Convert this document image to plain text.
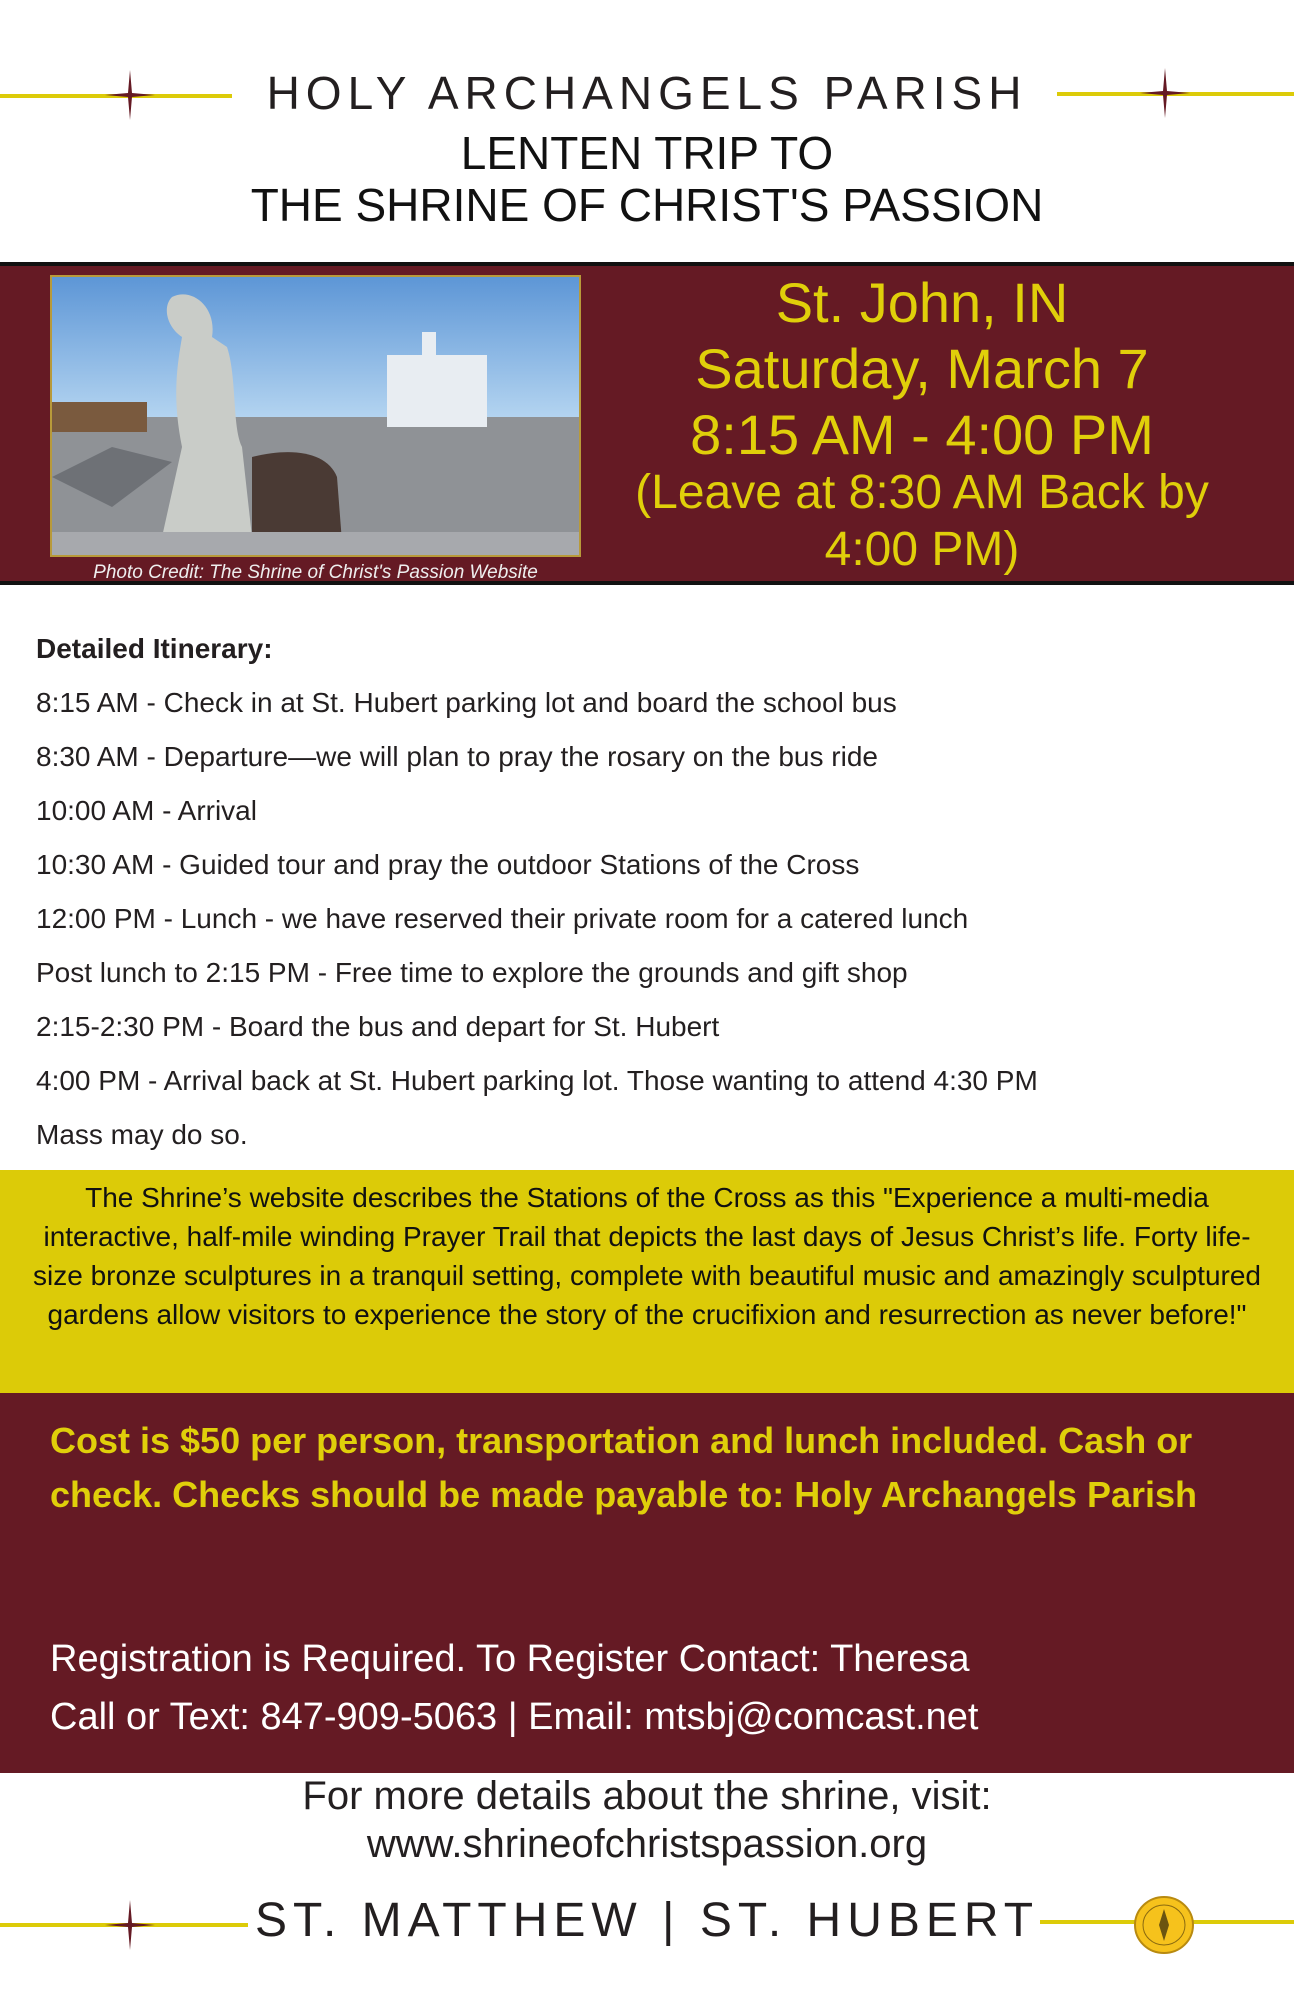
HOLY ARCHANGELS PARISH
LENTEN TRIP TO
THE SHRINE OF CHRIST'S PASSION
Photo Credit: The Shrine of Christ's Passion Website
St. John, IN
Saturday, March 7
8:15 AM - 4:00 PM
(Leave at 8:30 AM Back by
4:00 PM)
Detailed Itinerary:
8:15 AM - Check in at St. Hubert parking lot and board the school bus
8:30 AM - Departure—we will plan to pray the rosary on the bus ride
10:00 AM - Arrival
10:30 AM - Guided tour and pray the outdoor Stations of the Cross
12:00 PM - Lunch - we have reserved their private room for a catered lunch
Post lunch to 2:15 PM - Free time to explore the grounds and gift shop
2:15-2:30 PM - Board the bus and depart for St. Hubert
4:00 PM - Arrival back at St. Hubert parking lot. Those wanting to attend 4:30 PM
Mass may do so.
The Shrine’s website describes the Stations of the Cross as this "Experience a multi-media interactive, half-mile winding Prayer Trail that depicts the last days of Jesus Christ’s life. Forty life-size bronze sculptures in a tranquil setting, complete with beautiful music and amazingly sculptured gardens allow visitors to experience the story of the crucifixion and resurrection as never before!"
Cost is $50 per person, transportation and lunch included. Cash or check. Checks should be made payable to: Holy Archangels Parish
Registration is Required. To Register Contact: Theresa
Call or Text: 847-909-5063 | Email: mtsbj@comcast.net
For more details about the shrine, visit:
www.shrineofchristspassion.org
ST. MATTHEW | ST. HUBERT
